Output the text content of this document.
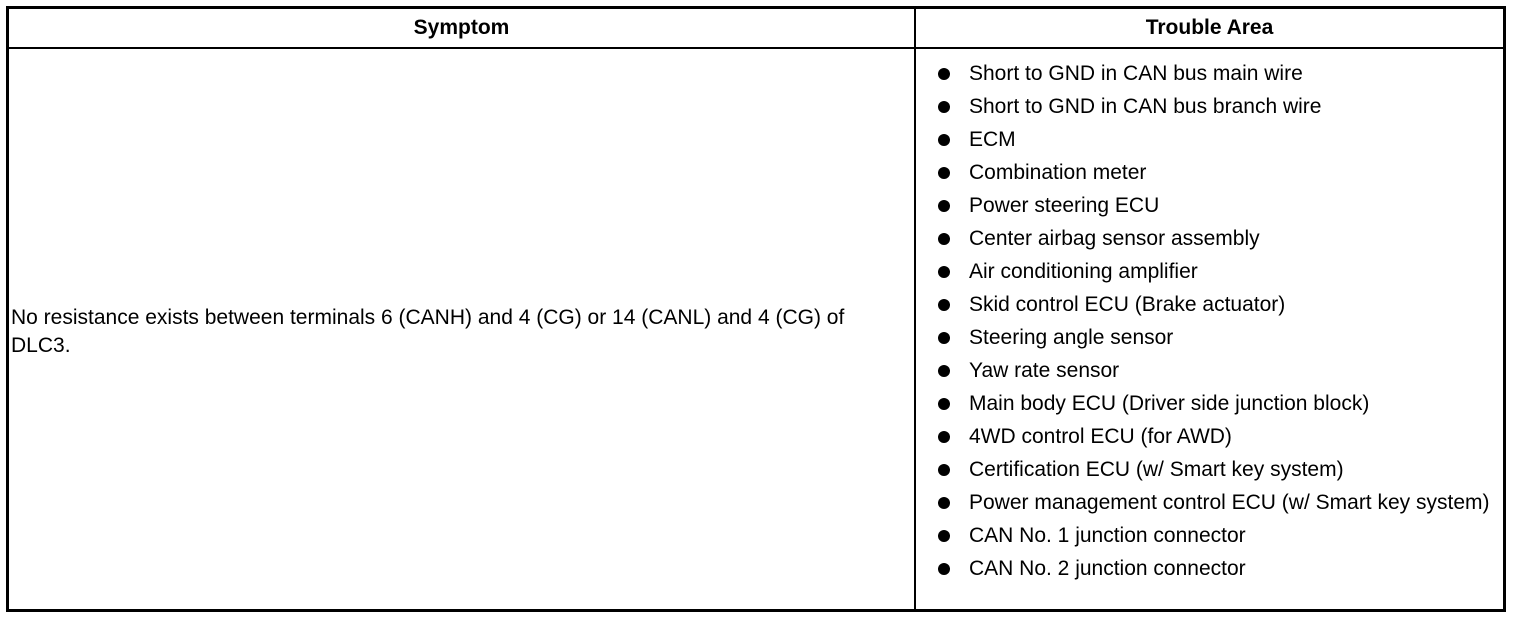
Symptom	Trouble Area
No resistance exists between terminals 6 (CANH) and 4 (CG) or 14 (CANL) and 4 (CG) of DLC3.
Short to GND in CAN bus main wire
Short to GND in CAN bus branch wire
ECM
Combination meter
Power steering ECU
Center airbag sensor assembly
Air conditioning amplifier
Skid control ECU (Brake actuator)
Steering angle sensor
Yaw rate sensor
Main body ECU (Driver side junction block)
4WD control ECU (for AWD)
Certification ECU (w/ Smart key system)
Power management control ECU (w/ Smart key system)
CAN No. 1 junction connector
CAN No. 2 junction connector
